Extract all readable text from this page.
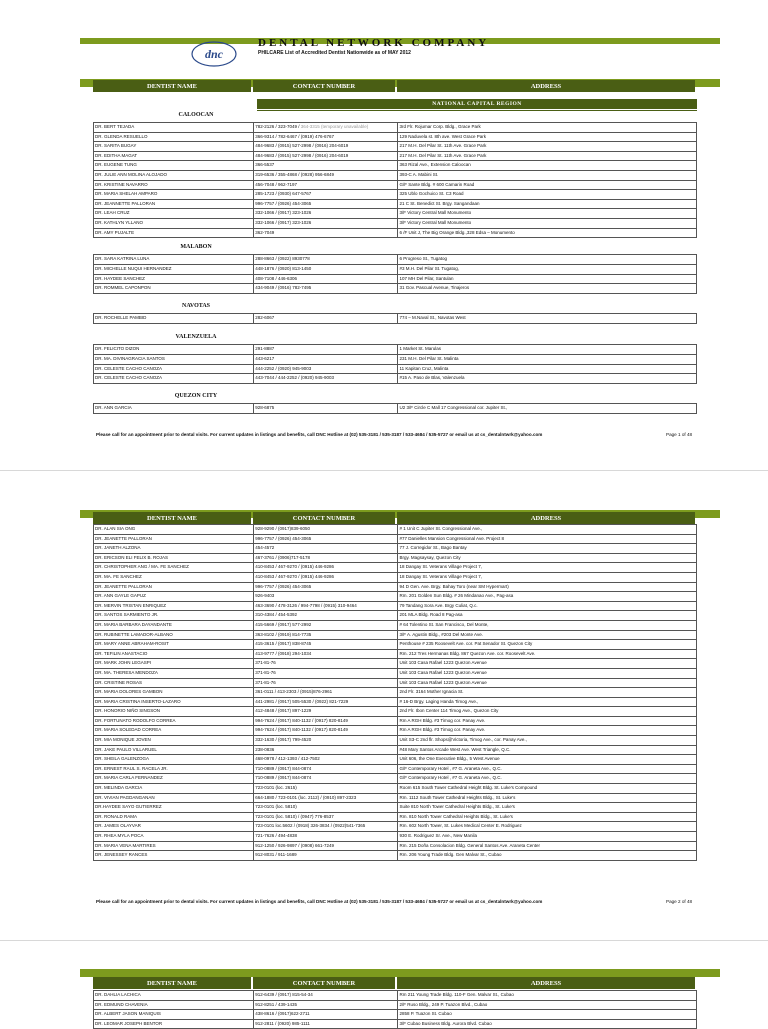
dnc
DENTAL NETWORK COMPANY
PHILCARE List of Accredited Dentist Nationwide as of MAY 2012
DENTIST NAME	CONTACT NUMBER	ADDRESS
NATIONAL CAPITAL REGION
CALOOCAN
DR. BERT TEJADA	782-2126 / 323-7049 / 364-3315 (temporary unavailable)	3rd Flr. Rojumar Corp. Bldg., Grace Park
DR. GLENDA RESUELLO	366-9314 / 782-6467 / (0919) 476-6767	129 Naduvela st. 8th ave. West Grace Park
DR. SARITA BUGAY	484-9683 / (0915) 527-2998 / (0916) 204-6019	217 M.H. Del Pilar St. 11th Ave. Grace Park
DR. EDITHA MAGAT	484-9683 / (0915) 527-2998 / (0916) 204-6019	217 M.H. Del Pilar St. 11th Ave. Grace Park
DR. EUGENE TUNG	366-5537	363 Rizal Ave., Extension Caloocan
DR. JULIE ANN MOLINA ALOJADO	319-6536 / 355-4868 / (0928) 956-6849	393-C A. Mabini St.
DR. KRISTINE NAVARRO	456-7048 / 962-7197	G/F Sante Bldg. # 600 Camarin Road
DR. MARIA SHELAH AMPARO	285-1723 / (0930) 647-5767	325 Ublo Gochuico St. C3 Road
DR. JEANNETTE PALLORAN	996-7757 / (0926) 454-3065	21 C St. Benedict St. Brgy. Sangandaan
DR. LEAH CRUZ	332-1066 / (0917) 323-1026	3/F Victory Central Mall Monumento
DR. KATHLYN YLLANO	332-1066 / (0917) 323-1026	3/F Victory Central Mall Monumento
DR. AMY PUJALTE	362-7049	6 /F Unit J, The Big Orange Bldg.,328 Edsa – Monumento
MALABON
DR. SARA KATRINA LUNA	288-8663 / (0922) 8930778	6 Progreso St., Tugatog
DR. MICHELLE NUQUI HERNANDEZ	448-1876 / (0920) 813-1450	#3 M.H. Del Pilar St. Tugatog,
DR. HAYDEE SANCHEZ	408-7108 / 446-6306	107 MH Del Pilar, Santulan
DR. ROMMEL CAPONPON	434-9049 / (0916) 782-7495	31 Gov. Pascual Avenue, Tinajeros
NAVOTAS
DR. ROCHELLE PAMBID	282-6067	774 – M.Naval St., Navotas West
VALENZUELA
DR. FELICITO DIZON	291-8887	1 Market St. Marulas
DR. MA. DIVINAGRACIA SANTOS	443-6217	231 M.H. Del Pilar St. Malinta
DR. CELESTE CACHO CANOZA	444-2252 / (0920) 945-9003	11 Kapitan Cruz, Malinta
DR. CELESTE CACHO CANOZA	443-7044 / 444-2252 / (0920) 945-9003	#15 A. Paso de Blas, Valenzuela
QUEZON CITY
DR. ANN GARCIA	928-6875	U2 3/F Circle C Mall 17 Congressional cor. Jupiter St.,
Please call for an appointment prior to dental visits. For current updates in listings and benefits, call DNC Hotline at (02) 535-3181 / 535-3187 / 533-4684 / 535-5727 or email us at cs_dentalntwrk@yahoo.com	Page 1 of 48
DENTIST NAME	CONTACT NUMBER	ADDRESS
DR. ALAN SIA ONG	928-9290 / (0917)839-6050	# 1 Unit C Jupiter St. Congressional Ave.,
DR. JEANETTE PALLORAN	996-7757 / (0926) 454-3065	#77 Danielles Mansion Congressional Ave. Project 8
DR. JANETH ALZONA	454-4572	77 J. Corregidor St., Bago Bantay
DR. ERICSON ELI FELIX B. ROJAS	467-3761 / (0906)717-5178	Brgy. Magsaysay, Quezon City
DR. CHRISTOPHER ANG / MA. FE SANCHEZ	410-8453 / 467-9270 / (0915) 446-9286	18 Dangay St. Veterans Village Project 7,
DR. MA. FE SANCHEZ	410-8453 / 467-9270 / (0915) 446-9286	18 Dangay St. Veterans Village Project 7,
DR. JEANETTE PALLORAN	996-7757 / (0926) 454-3065	94 D Gen. Ave. Brgy. Bahay Toro (near SM Hypermart)
DR. ANN GAYLE GAPUZ	926-9403	Rm. 201 Golden Sun Bldg. # 26 Mindanao Ave., Pag-asa
DR. MERVIN TRISTAN ENRIQUEZ	463-3690 / 478-3126 / 994-7798 / (0915) 310-9464	79 Tandang Sora Ave. Brgy Culiat, Q.c.
DR. SANTOS SARMIENTO JR.	310-4384 / 454-5392	201 MLA Bldg. Road 8 Pag-asa
DR. MARIA BARBARA DAYANDANTE	415-5669 / (0917) 577-2992	# 64 Tolentino St. San Francisco, Del Monte,
DR. RUBINETTE LAMADOR-ALBANO	363-8102 / (0919) 814-7735	3/F A. Agustin Bldg., #203 Del Monte Ave.
DR. MARY ANNE ABRAHAM-ROSIT	415-3615 / (0917) 838-8745	Penthouse # 235 Roosevelt Ave. cor. Pat Senador St. Quezon City
DR. TEFILIN ANASTACIO	413-9777 / (0918) 294-1034	Rm. 212 Tres Hermanas Bldg. 867 Quezon Ave. cor. Roosevelt Ave.
DR. MARK JOHN LEGASPI	371-81-76	Unit 103 Casa Rafael 1223 Quezon Avenue
DR. MA. THERESA MENDOZA	371-81-76	Unit 103 Casa Rafael 1223 Quezon Avenue
DR. CRISTINE ROSAS	371-81-76	Unit 103 Casa Rafael 1223 Quezon Avenue
DR. MARIA DOLORES GAMBON	361-0111 / 413-2303 / (0915)876-2961	2nd Flr. 3164 Mother Ignacia St.
DR. MARIA CRISTINA INSERTO-LAZARO	441-2981 / (0917) 505-5530 / (0922) 821-7229	# 16-D Brgy. Laging Handa Timog Ave.,
DR. HONORIO NIÑO SINGSON	412-4848 / (0917) 897-1229	2nd Flr. Ibon Center 114 Timog Ave., Quezon City
DR. FORTUNATO RODOLFO CORREA	994-7624 / (0917) 840-1132 / (0917) 820-8149	Rm A RGH Bldg. #3 Timog cor. Panay Ave.
DR. MARIA SOLEDAD CORREA	994-7624 / (0917) 840-1132 / (0917) 820-8149	Rm A RGH Bldg. #3 Timog cor. Panay Ave.
DR. MIA MONIQUE JOVEN	332-1630 / (0917) 799-4520	Unit S3-C 2nd flr. Shops@Victoria, Timog Ave., cor. Panay Ave.,
DR. JAKE PAULO VILLARUEL	238-0836	#48 Mary Santos Arcade West Ave. West Triangle, Q.C.
DR. SHEILA GALENZOGA	468-0978 / 412-1393 / 412-7502	Unit 606, the One Executive Bldg., 5 West Avenue
DR. ERNEST RAUL S. RACELA JR.	710-0889 / (0917) 844-0874	G/F Contemporary Hotel , #7 G. Araneta Ave., Q.C.
DR. MARIA CARLA FERNANDEZ	710-0889 / (0917) 844-0874	G/F Contemporary Hotel , #7 G. Araneta Ave., Q.C.
DR. MELINDA GARCIA	723-0101 (loc. 2615)	Room 615 South Tower Cathedral Height Bldg. St. Luke's Compound
DR. VIVIAN PAGDANGANAN	664-1880 / 723-0101 (loc. 2112) / (0910) 897-2323	Rm. 1112 South Tower Cathedral Heights Bldg., St. Luke's
DR.HAYDEE SAYO GUTIERREZ	723-0101 (loc. 5810)	Suite 810 North Tower Cathedral Heights Bldg., St. Luke's
DR. RONALD RAMA	723-0101 (loc. 5810) / (0947) 776-8537	Rm. 810 North Tower Cathedral Heights Bldg., St. Luke's
DR. JAMES OLAYVAR	723-0101 loc.5602 / (0918) 326-3834 / (0922)541-7365	Rm. 602 North Tower, St. Lukes Medical Center E. Rodriguez
DR. RHEA MYLA POCA	721-7626 / 494-4838	930 E. Rodriguez Sr. Ave., New Manila
DR. MARIA VENA MARTIRES	912-1250 / 926-9897 / (0908) 661-7249	Rm. 215 Doña Consolacion Bldg. General Santos Ave. Araneta Center
DR. JENESSEY RANCES	912-8031 / 911-1689	Rm. 206 Young Trade Bldg. Gen Malvar St., Cubao
Please call for an appointment prior to dental visits. For current updates in listings and benefits, call DNC Hotline at (02) 535-3181 / 535-3187 / 533-4684 / 535-5727 or email us at cs_dentalntwrk@yahoo.com	Page 2 of 48
DENTIST NAME	CONTACT NUMBER	ADDRESS
DR. DAHLIA LACHICA	912-6439 / (0917) 815-54-34	Rm 211 Young Trade Bldg. 110-F Gen. Malvar St., Cubao
DR. EDMUND CHAVENIA	912-8251 / 439-1435	2/F Ruso Bldg., 249 P. Tuazon Blvd., Cubao
DR. ALBERT JASON MANIQUIS	438-8616 / (0917)622-2711	2858 P. Tuazon St. Cubao
DR. LEOMAR JOSEPH BENTOR	912-2811 / (0920) 985-1111	3/F Cubao Business Bldg. Aurora Blvd. Cubao
